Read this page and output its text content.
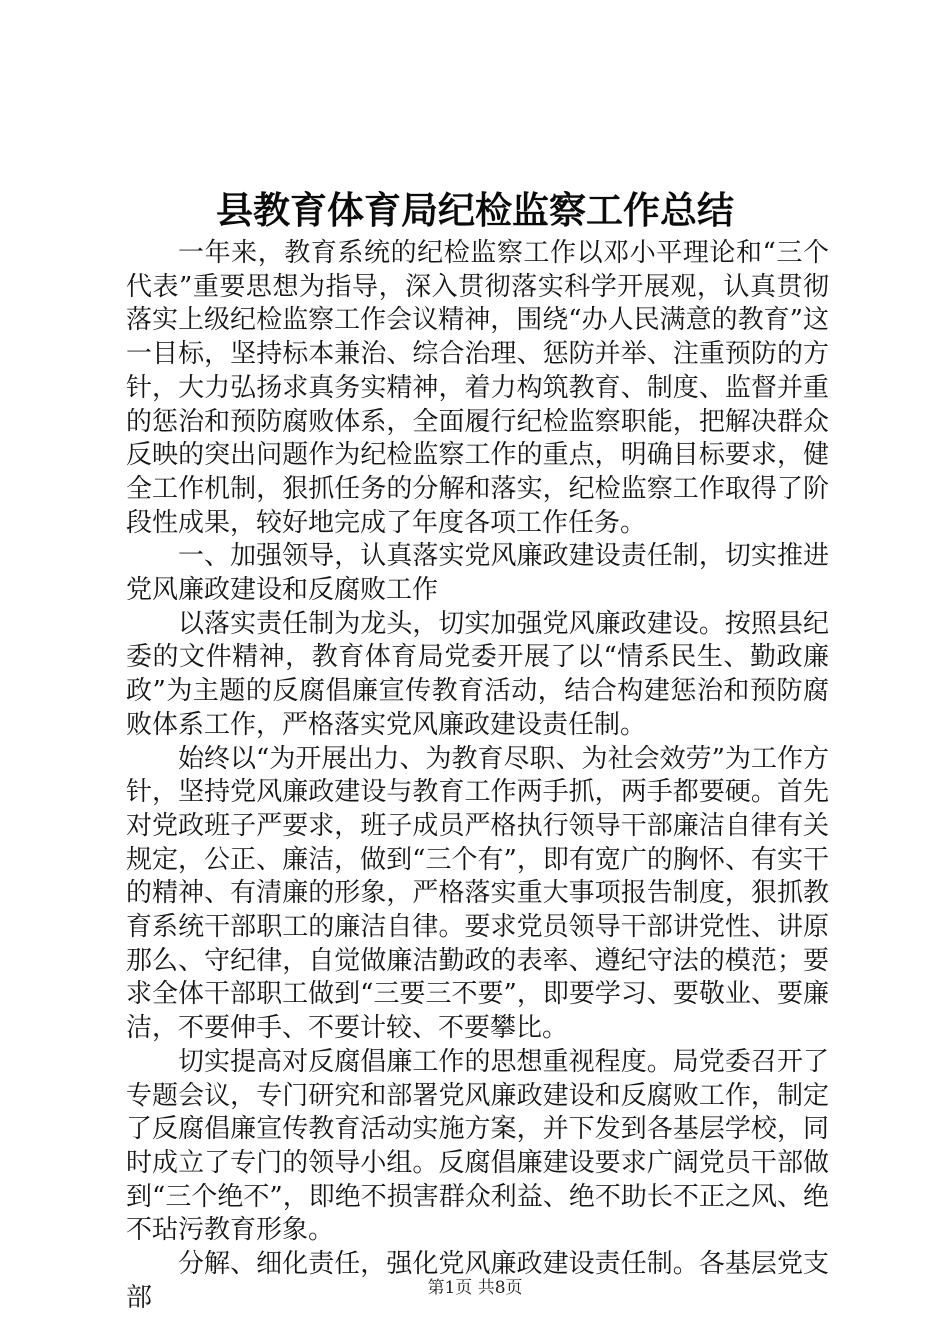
县教育体育局纪检监察工作总结

一年来，教育系统的纪检监察工作以邓小平理论和“三个代表”重要思想为指导，深入贯彻落实科学开展观，认真贯彻落实上级纪检监察工作会议精神，围绕“办人民满意的教育”这一目标，坚持标本兼治、综合治理、惩防并举、注重预防的方针，大力弘扬求真务实精神，着力构筑教育、制度、监督并重的惩治和预防腐败体系，全面履行纪检监察职能，把解决群众反映的突出问题作为纪检监察工作的重点，明确目标要求，健全工作机制，狠抓任务的分解和落实，纪检监察工作取得了阶段性成果，较好地完成了年度各项工作任务。

一、加强领导，认真落实党风廉政建设责任制，切实推进党风廉政建设和反腐败工作

以落实责任制为龙头，切实加强党风廉政建设。按照县纪委的文件精神，教育体育局党委开展了以“情系民生、勤政廉政”为主题的反腐倡廉宣传教育活动，结合构建惩治和预防腐败体系工作，严格落实党风廉政建设责任制。

始终以“为开展出力、为教育尽职、为社会效劳”为工作方针，坚持党风廉政建设与教育工作两手抓，两手都要硬。首先对党政班子严要求，班子成员严格执行领导干部廉洁自律有关规定，公正、廉洁，做到“三个有”，即有宽广的胸怀、有实干的精神、有清廉的形象，严格落实重大事项报告制度，狠抓教育系统干部职工的廉洁自律。要求党员领导干部讲党性、讲原那么、守纪律，自觉做廉洁勤政的表率、遵纪守法的模范；要求全体干部职工做到“三要三不要”，即要学习、要敬业、要廉洁，不要伸手、不要计较、不要攀比。

切实提高对反腐倡廉工作的思想重视程度。局党委召开了专题会议，专门研究和部署党风廉政建设和反腐败工作，制定了反腐倡廉宣传教育活动实施方案，并下发到各基层学校，同时成立了专门的领导小组。反腐倡廉建设要求广阔党员干部做到“三个绝不”，即绝不损害群众利益、绝不助长不正之风、绝不玷污教育形象。

分解、细化责任，强化党风廉政建设责任制。各基层党支部	第1页 共8页
